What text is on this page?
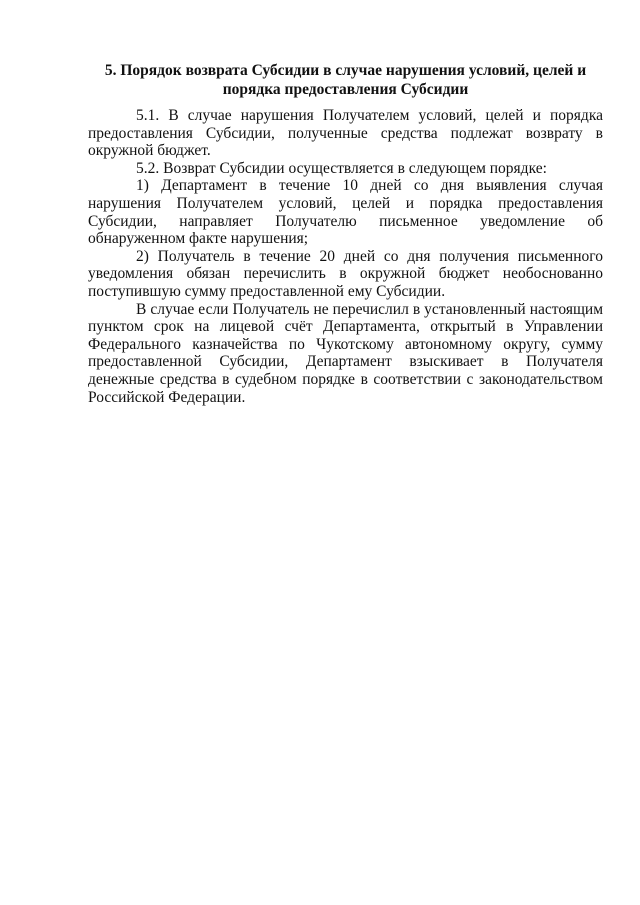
5. Порядок возврата Субсидии в случае нарушения условий, целей и
порядка предоставления Субсидии

5.1. В случае нарушения Получателем условий, целей и порядка предоставления Субсидии, полученные средства подлежат возврату в окружной бюджет.

5.2. Возврат Субсидии осуществляется в следующем порядке:

1) Департамент в течение 10 дней со дня выявления случая нарушения Получателем условий, целей и порядка предоставления Субсидии, направляет Получателю письменное уведомление об обнаруженном факте нарушения;

2) Получатель в течение 20 дней со дня получения письменного уведомления обязан перечислить в окружной бюджет необоснованно поступившую сумму предоставленной ему Субсидии.

В случае если Получатель не перечислил в установленный настоящим пунктом срок на лицевой счёт Департамента, открытый в Управлении Федерального казначейства по Чукотскому автономному округу, сумму предоставленной Субсидии, Департамент взыскивает в Получателя денежные средства в судебном порядке в соответствии с законодательством Российской Федерации.
